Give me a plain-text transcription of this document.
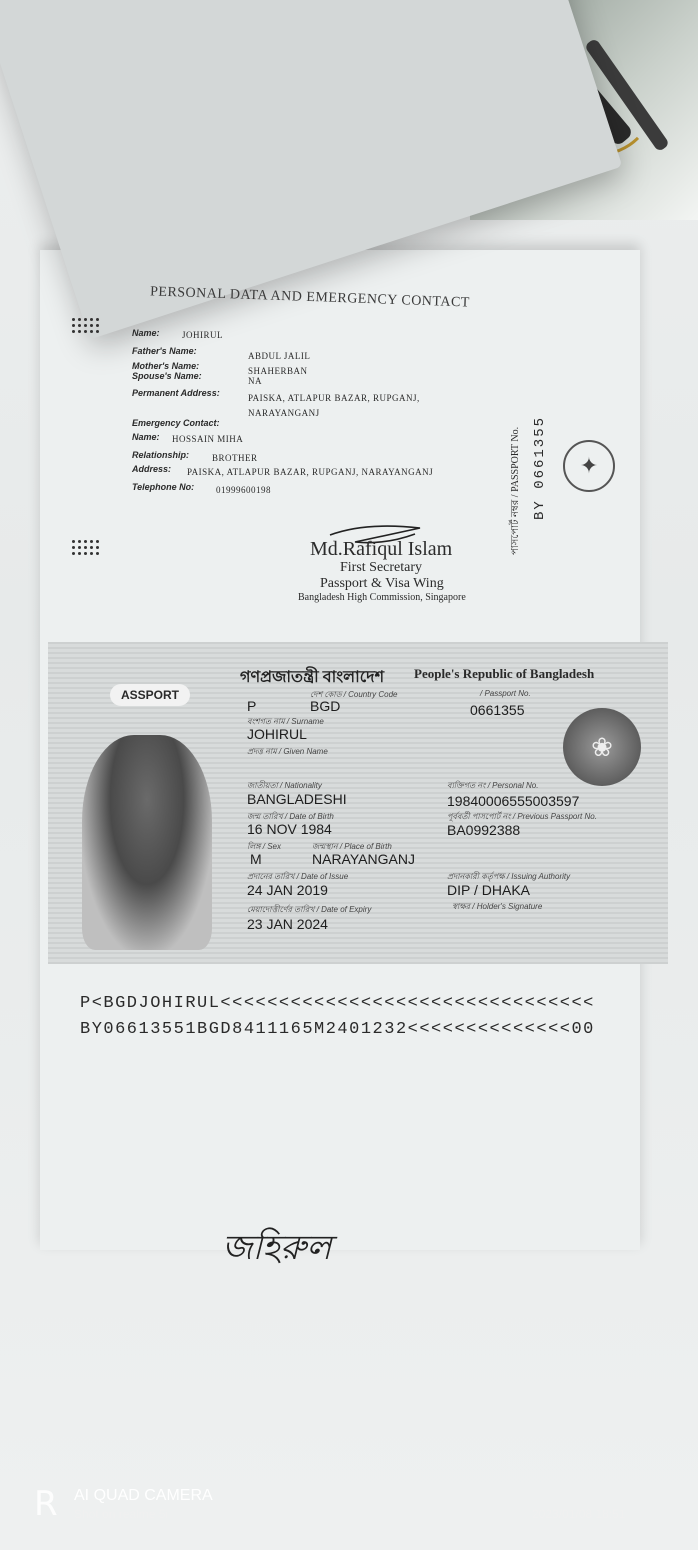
PERSONAL DATA AND EMERGENCY CONTACT
Name: JOHIRUL
Father's Name:	ABDUL JALIL
Mother's Name:	SHAHERBAN
Spouse's Name:	NA
Permanent Address:	PAISKA, ATLAPUR BAZAR, RUPGANJ,
NARAYANGANJ
Emergency Contact:
Name: HOSSAIN MIHA
Relationship:	BROTHER
Address: PAISKA, ATLAPUR BAZAR, RUPGANJ, NARAYANGANJ
Telephone No: 01999600198
Md.Rafiqul Islam
First Secretary
Passport & Visa Wing
Bangladesh High Commission, Singapore
পাসপোর্ট নম্বর / PASSPORT No. BY 0661355	✦
ASSPORT
গণপ্রজাতন্ত্রী বাংলাদেশ People's Republic of Bangladesh
❀
P
দেশ কোড / Country Code
BGD
/ Passport No.
0661355
বংশগত নাম / Surname
JOHIRUL
প্রদত্ত নাম / Given Name
জাতীয়তা / Nationality
BANGLADESHI
ব্যক্তিগত নং / Personal No.
19840006555003597
জন্ম তারিখ / Date of Birth
16 NOV 1984
পূর্ববর্তী পাসপোর্ট নং / Previous Passport No.
BA0992388
লিঙ্গ / Sex
M
জন্মস্থান / Place of Birth
NARAYANGANJ
প্রদানের তারিখ / Date of Issue
24 JAN 2019
প্রদানকারী কর্তৃপক্ষ / Issuing Authority
DIP / DHAKA
মেয়াদোত্তীর্ণের তারিখ / Date of Expiry
23 JAN 2024
স্বাক্ষর / Holder's Signature
P<BGDJOHIRUL<<<<<<<<<<<<<<<<<<<<<<<<<<<<<<<<
BY06613551BGD8411165M2401232<<<<<<<<<<<<<<00
জহিরুল
R AI QUAD CAMERA
Shot on realme 5i	2023/01/08 18:51
